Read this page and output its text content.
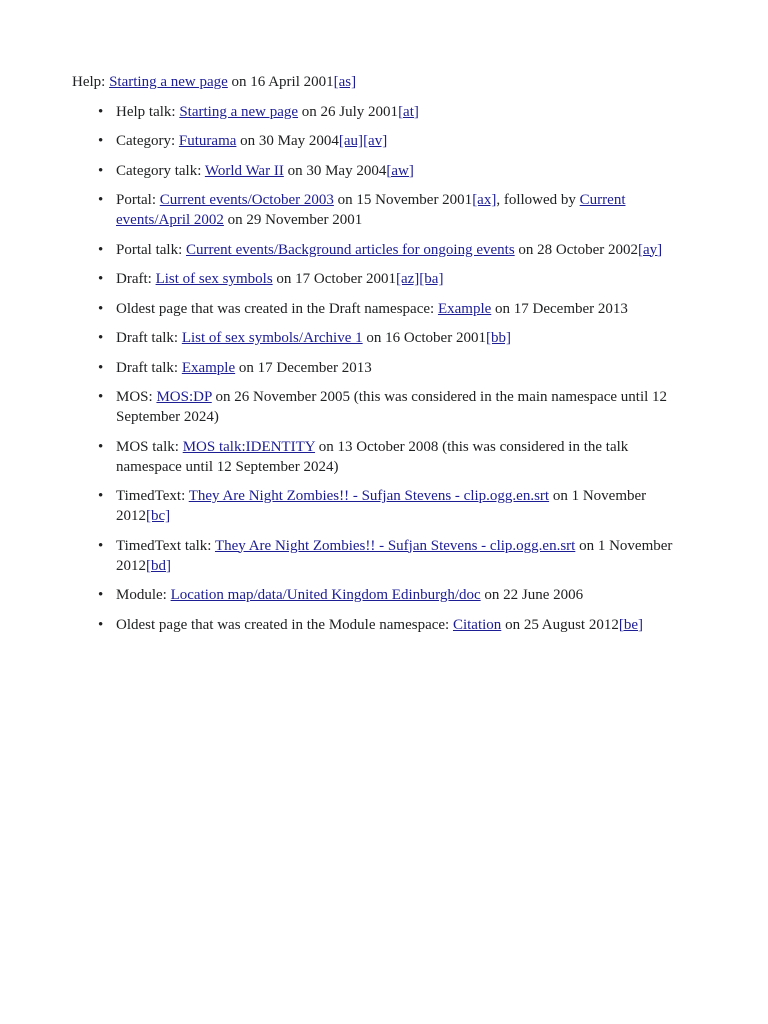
Help: Starting a new page on 16 April 2001[as]

• Help talk: Starting a new page on 26 July 2001[at]
• Category: Futurama on 30 May 2004[au][av]
• Category talk: World War II on 30 May 2004[aw]
• Portal: Current events/October 2003 on 15 November 2001[ax], followed by Current events/April 2002 on 29 November 2001
• Portal talk: Current events/Background articles for ongoing events on 28 October 2002[ay]
• Draft: List of sex symbols on 17 October 2001[az][ba]
• Oldest page that was created in the Draft namespace: Example on 17 December 2013
• Draft talk: List of sex symbols/Archive 1 on 16 October 2001[bb]
• Draft talk: Example on 17 December 2013
• MOS: MOS:DP on 26 November 2005 (this was considered in the main namespace until 12 September 2024)
• MOS talk: MOS talk:IDENTITY on 13 October 2008 (this was considered in the talk namespace until 12 September 2024)
• TimedText: They Are Night Zombies!! - Sufjan Stevens - clip.ogg.en.srt on 1 November 2012[bc]
• TimedText talk: They Are Night Zombies!! - Sufjan Stevens - clip.ogg.en.srt on 1 November 2012[bd]
• Module: Location map/data/United Kingdom Edinburgh/doc on 22 June 2006
• Oldest page that was created in the Module namespace: Citation on 25 August 2012[be]
